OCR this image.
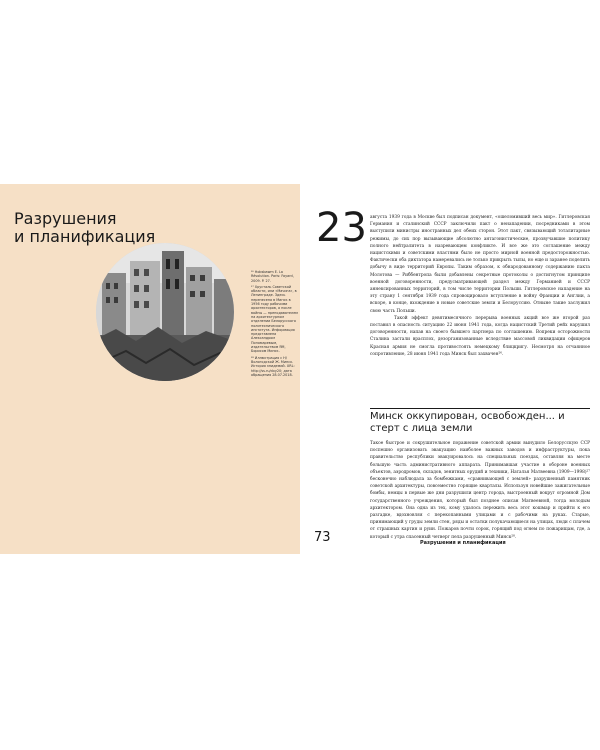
Разрушения
и планификация

²⁶ Hobsbawm E. La Révolution. Paris: Fayard, 2009. P. 27.

²⁷ Хрусталь Советской области, или «Мачига», в Ленинграде. Здесь перенесена в Минск в 1956 году рабочими архитекторов, а после войны — преподавателем на архитектурном отделении Белорусского политехнического института. Информация представлена Александром Пономаревым, издательством ЯМ, Борисом Минск.

²⁸ Иллюстрация с Н/ Вологодской Ж. Минск. История эпидемий. URL: http://ss.ru/dxy20; дата обращения 28.07.2018.

73
23 августа 1939 года в Москве был подписан документ, «ошеломивший весь мир». Гитлеровская Германия и сталинский СССР заключили пакт о ненападении, посредниками в этом выступили министры иностранных дел обеих сторон. Этот пакт, связывающий тоталитарные режимы, до сих пор вызывающие абсолютно антагонистические, прозвучавшие политику полного нейтралитета в назревающем конфликте. И все же это соглашение между нацистскими и советскими властями было не просто мирной военной предосторожностью. Фактически оба диктатора намеревались не только прикрыть тылы, но еще и заранее поделить добычу в виде территорий Европы. Таким образом, к обнародованному содержанию пакта Молотова — Риббентропа были добавлены секретные протоколы о достигнутом принципе военной договоренности, предусматривающей раздел между Германией и СССР аннексированных территорий, в том числе территории Польши. Гитлеровское нападение на эту страну 1 сентября 1939 года спровоцировало вступление в войну Франции и Англии, а вскоре, в конце, вхождение в новые советские земли и Белоруссию. Отныне такие заслужил свою часть Польши.

Такой эффект девятимесячного перерыва военных акций все же второй раз поставил в опасность ситуацию 22 июня 1941 года, когда нацистский Третий рейх нарушил договоренности, напав на своего бывшего партнера по соглашению. Вопреки осторожности Сталина застали врасплох, дезорганизованные вследствие массовой ликвидации офицеров Красная армия не смогла противостоять немецкому блицкригу. Несмотря на отчаянное сопротивление, 28 июня 1941 года Минск был захвачен²⁶.

Минск оккупирован, освобожден... и стерт с лица земли

Такое быстрое и сокрушительное поражение советской армии вынудило Белорусскую ССР поспешно организовать эвакуацию наиболее важных заводов и инфраструктуры, пока правительство республики эвакуировалось на специальных поездах, оставляя на месте большую часть административного аппарата. Принимавшая участие в обороне военных объектов, аэродромов, складов, зенитных орудий и техники, Наталья Матвеевна (1909—1998)²⁷ бесконечно наблюдала за бомбежками, «сравнивающей с землей» разрушенный памятник советской архитектуры, повсеместно горящие кварталы. Используя новейшие зажигательные бомбы, немцы в первые же дни разрушили центр города, выстроенный вокруг огромной Дом государственного учреждения, который был позднее описан Матвеевной, тогда молодым архитектором. Она одна из тех, кому удалось пережить весь этот кошмар и прийти к его разгадке, вдохновляя с перекопанными улицами и с рабочими на руках. Старые, принимающий у груды земли стен, ряды и остатки полукачающиеся на улицах, люди с плачем от страшных картин и руин. Пожаров почти сорок, горящий под огнем по пожарищам, где, а который с утра спасенный четверг пела разрушенный Минск²⁸.

Разрушения и планификация
